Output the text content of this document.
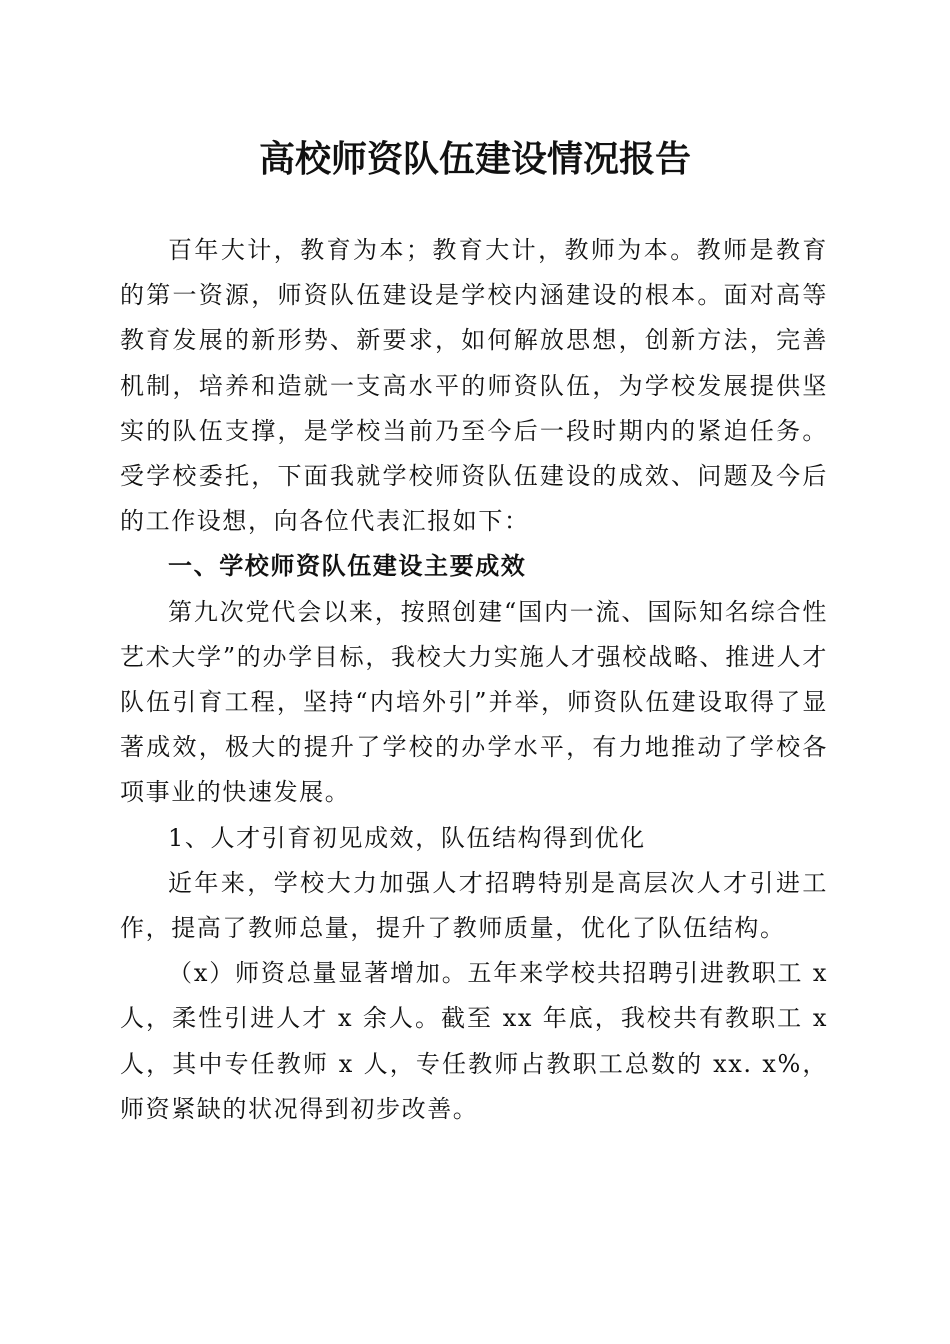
高校师资队伍建设情况报告

百年大计，教育为本；教育大计，教师为本。教师是教育的第一资源，师资队伍建设是学校内涵建设的根本。面对高等教育发展的新形势、新要求，如何解放思想，创新方法，完善机制，培养和造就一支高水平的师资队伍，为学校发展提供坚实的队伍支撑，是学校当前乃至今后一段时期内的紧迫任务。受学校委托，下面我就学校师资队伍建设的成效、问题及今后的工作设想，向各位代表汇报如下：

一、学校师资队伍建设主要成效

第九次党代会以来，按照创建“国内一流、国际知名综合性艺术大学”的办学目标，我校大力实施人才强校战略、推进人才队伍引育工程，坚持“内培外引”并举，师资队伍建设取得了显著成效，极大的提升了学校的办学水平，有力地推动了学校各项事业的快速发展。

1、人才引育初见成效，队伍结构得到优化

近年来，学校大力加强人才招聘特别是高层次人才引进工作，提高了教师总量，提升了教师质量，优化了队伍结构。

（x）师资总量显著增加。五年来学校共招聘引进教职工 x 人，柔性引进人才 x 余人。截至 xx 年底，我校共有教职工 x 人，其中专任教师 x 人，专任教师占教职工总数的 xx. x%，师资紧缺的状况得到初步改善。
